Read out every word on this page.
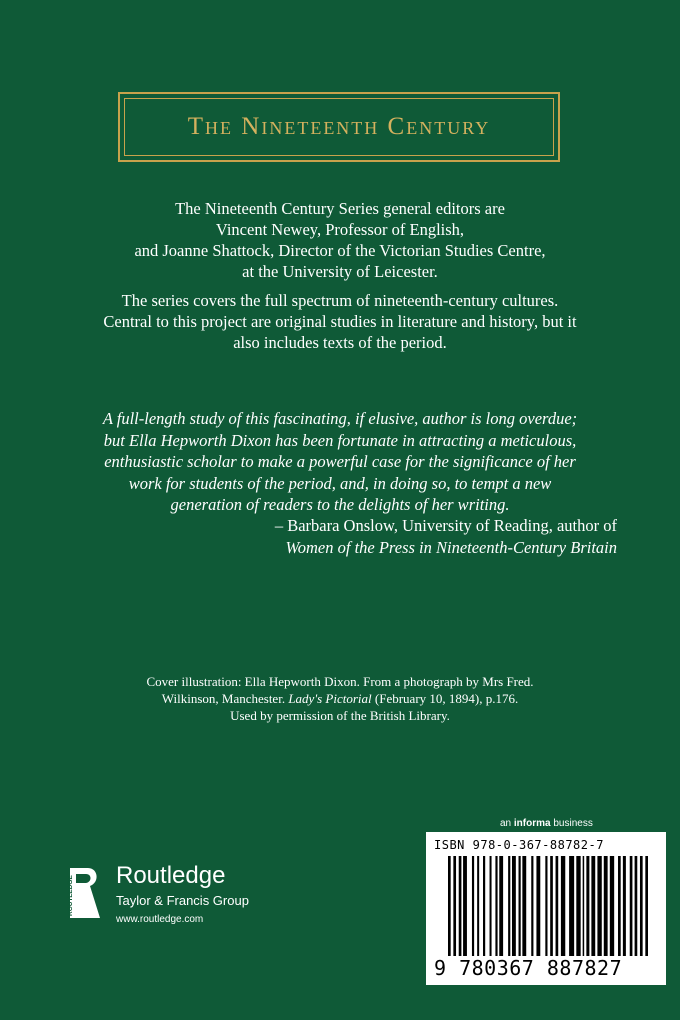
The Nineteenth Century
The Nineteenth Century Series general editors are
Vincent Newey, Professor of English,
and Joanne Shattock, Director of the Victorian Studies Centre,
at the University of Leicester.
The series covers the full spectrum of nineteenth-century cultures.
Central to this project are original studies in literature and history, but it
also includes texts of the period.
A full-length study of this fascinating, if elusive, author is long overdue;
but Ella Hepworth Dixon has been fortunate in attracting a meticulous,
enthusiastic scholar to make a powerful case for the significance of her
work for students of the period, and, in doing so, to tempt a new
generation of readers to the delights of her writing.
– Barbara Onslow, University of Reading, author of
Women of the Press in Nineteenth-Century Britain
Cover illustration: Ella Hepworth Dixon. From a photograph by Mrs Fred.
Wilkinson, Manchester. Lady's Pictorial (February 10, 1894), p.176.
Used by permission of the British Library.
an informa business
ISBN 978-0-367-88782-7
9 780367 887827
ROUTLEDGE Routledge
Taylor & Francis Group
www.routledge.com
